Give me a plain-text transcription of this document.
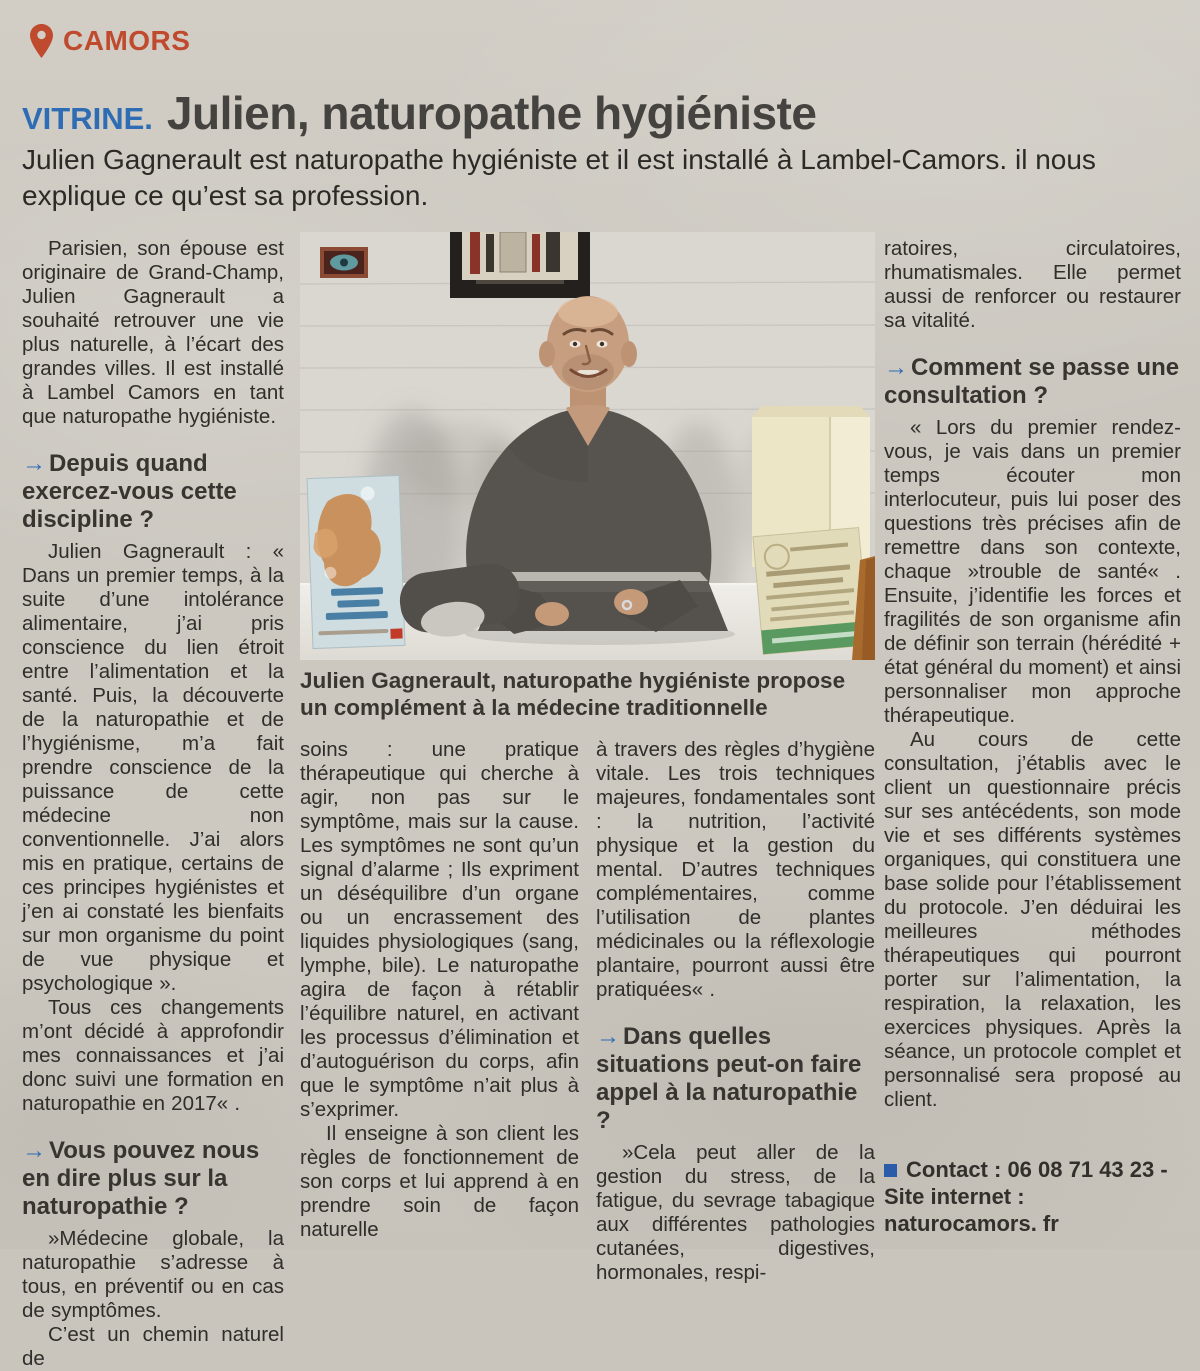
CAMORS
VITRINE. Julien, naturopathe hygiéniste
Julien Gagnerault est naturopathe hygiéniste et il est installé à Lambel-Camors. il nous explique ce qu’est sa profession.

Parisien, son épouse est originaire de Grand-Champ, Julien Gagnerault a souhaité retrouver une vie plus naturelle, à l’écart des grandes villes. Il est installé à Lambel Camors en tant que naturopathe hygiéniste.

→ Depuis quand exercez-vous cette discipline ?

Julien Gagnerault : « Dans un premier temps, à la suite d’une intolérance alimentaire, j’ai pris conscience du lien étroit entre l’alimentation et la santé. Puis, la découverte de la naturopathie et de l’hygiénisme, m’a fait prendre conscience de la puissance de cette médecine non conventionnelle. J’ai alors mis en pratique, certains de ces principes hygiénistes et j’en ai constaté les bienfaits sur mon organisme du point de vue physique et psychologique ».

Tous ces changements m’ont décidé à approfondir mes connaissances et j’ai donc suivi une formation en naturopathie en 2017« .

→ Vous pouvez nous en dire plus sur la naturopathie ?

»Médecine globale, la naturopathie s’adresse à tous, en préventif ou en cas de symptômes.

C’est un chemin naturel de

Julien Gagnerault, naturopathe hygiéniste propose un complément à la médecine traditionnelle

soins : une pratique thérapeutique qui cherche à agir, non pas sur le symptôme, mais sur la cause. Les symptômes ne sont qu’un signal d’alarme ; Ils expriment un déséquilibre d’un organe ou un encrassement des liquides physiologiques (sang, lymphe, bile). Le naturopathe agira de façon à rétablir l’équilibre naturel, en activant les processus d’élimination et d’autoguérison du corps, afin que le symptôme n’ait plus à s’exprimer.

Il enseigne à son client les règles de fonctionnement de son corps et lui apprend à en prendre soin de façon naturelle

à travers des règles d’hygiène vitale. Les trois techniques majeures, fondamentales sont : la nutrition, l’activité physique et la gestion du mental. D’autres techniques complémentaires, comme l’utilisation de plantes médicinales ou la réflexologie plantaire, pourront aussi être pratiquées« .

→ Dans quelles situations peut-on faire appel à la naturopathie ?

»Cela peut aller de la gestion du stress, de la fatigue, du sevrage tabagique aux différentes pathologies cutanées, digestives, hormonales, respi-

ratoires, circulatoires, rhumatismales. Elle permet aussi de renforcer ou restaurer sa vitalité.

→ Comment se passe une consultation ?

« Lors du premier rendez-vous, je vais dans un premier temps écouter mon interlocuteur, puis lui poser des questions très précises afin de remettre dans son contexte, chaque »trouble de santé« . Ensuite, j’identifie les forces et fragilités de son organisme afin de définir son terrain (hérédité + état général du moment) et ainsi personnaliser mon approche thérapeutique.

Au cours de cette consultation, j’établis avec le client un questionnaire précis sur ses antécédents, son mode vie et ses différents systèmes organiques, qui constituera une base solide pour l’établissement du protocole. J’en déduirai les meilleures méthodes thérapeutiques qui pourront porter sur l’alimentation, la respiration, la relaxation, les exercices physiques. Après la séance, un protocole complet et personnalisé sera proposé au client.

Contact : 06 08 71 43 23 - Site internet : naturocamors. fr
